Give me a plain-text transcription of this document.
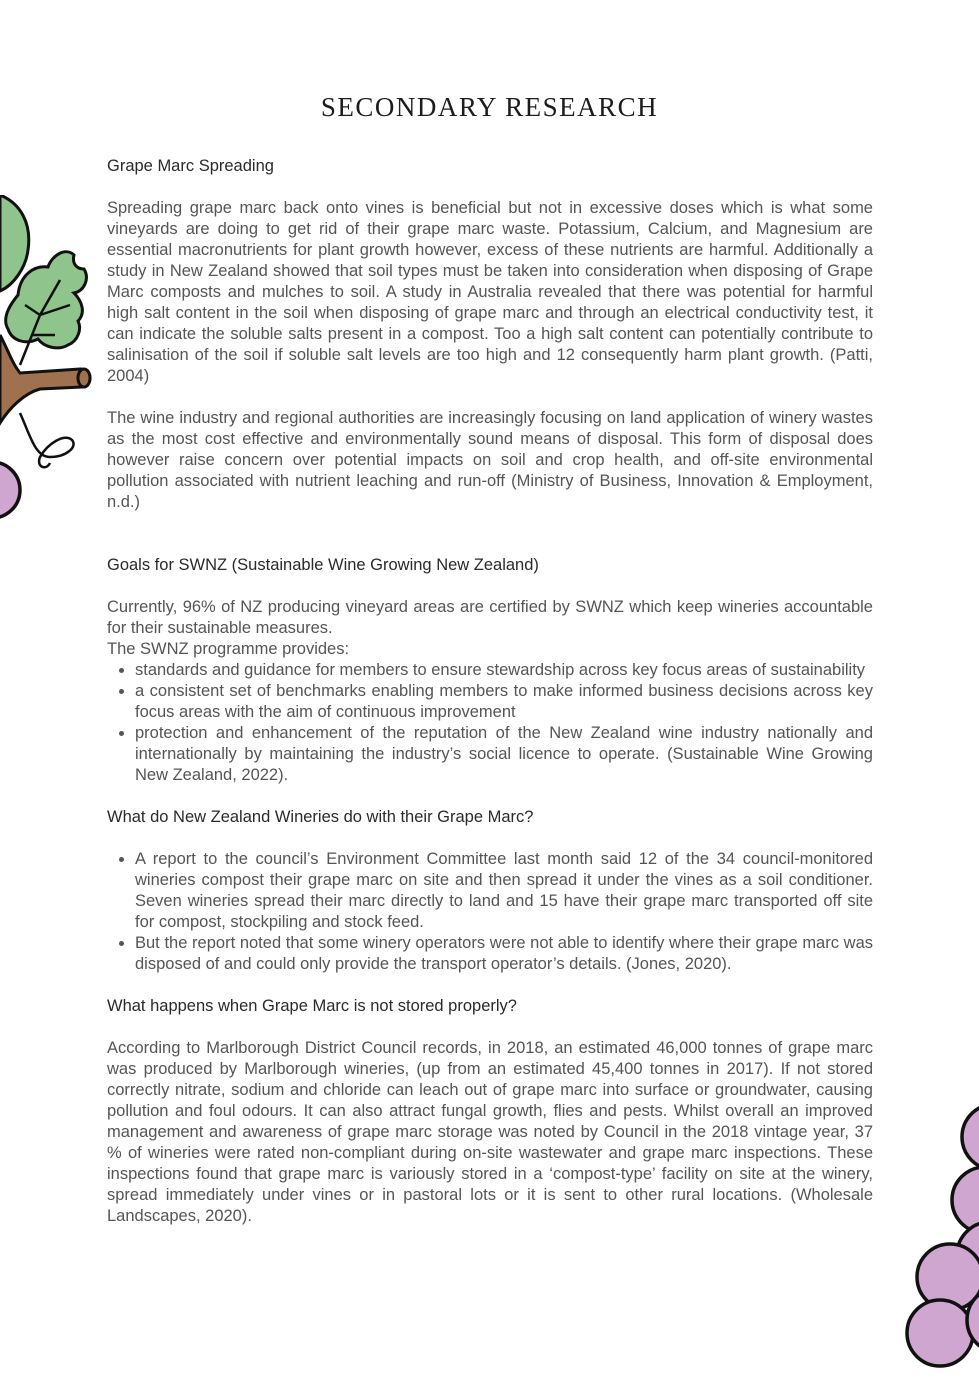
SECONDARY RESEARCH
Grape Marc Spreading

Spreading grape marc back onto vines is beneficial but not in excessive doses which is what some vineyards are doing to get rid of their grape marc waste. Potassium, Calcium, and Magnesium are essential macronutrients for plant growth however, excess of these nutrients are harmful. Additionally a study in New Zealand showed that soil types must be taken into consideration when disposing of Grape Marc composts and mulches to soil. A study in Australia revealed that there was potential for harmful high salt content in the soil when disposing of grape marc and through an electrical conductivity test, it can indicate the soluble salts present in a compost. Too a high salt content can potentially contribute to salinisation of the soil if soluble salt levels are too high and 12 consequently harm plant growth. (Patti, 2004)

The wine industry and regional authorities are increasingly focusing on land application of winery wastes as the most cost effective and environmentally sound means of disposal. This form of disposal does however raise concern over potential impacts on soil and crop health, and off-site environmental pollution associated with nutrient leaching and run-off (Ministry of Business, Innovation & Employment, n.d.)

Goals for SWNZ (Sustainable Wine Growing New Zealand)

Currently, 96% of NZ producing vineyard areas are certified by SWNZ which keep wineries accountable for their sustainable measures.

The SWNZ programme provides:

• standards and guidance for members to ensure stewardship across key focus areas of sustainability
• a consistent set of benchmarks enabling members to make informed business decisions across key focus areas with the aim of continuous improvement
• protection and enhancement of the reputation of the New Zealand wine industry nationally and internationally by maintaining the industry’s social licence to operate. (Sustainable Wine Growing New Zealand, 2022).
What do New Zealand Wineries do with their Grape Marc?
• A report to the council’s Environment Committee last month said 12 of the 34 council-monitored wineries compost their grape marc on site and then spread it under the vines as a soil conditioner. Seven wineries spread their marc directly to land and 15 have their grape marc transported off site for compost, stockpiling and stock feed.
• But the report noted that some winery operators were not able to identify where their grape marc was disposed of and could only provide the transport operator’s details. (Jones, 2020).
What happens when Grape Marc is not stored properly?

According to Marlborough District Council records, in 2018, an estimated 46,000 tonnes of grape marc was produced by Marlborough wineries, (up from an estimated 45,400 tonnes in 2017). If not stored correctly nitrate, sodium and chloride can leach out of grape marc into surface or groundwater, causing pollution and foul odours. It can also attract fungal growth, flies and pests. Whilst overall an improved management and awareness of grape marc storage was noted by Council in the 2018 vintage year, 37 % of wineries were rated non-compliant during on-site wastewater and grape marc inspections. These inspections found that grape marc is variously stored in a ‘compost-type’ facility on site at the winery, spread immediately under vines or in pastoral lots or it is sent to other rural locations. (Wholesale Landscapes, 2020).
